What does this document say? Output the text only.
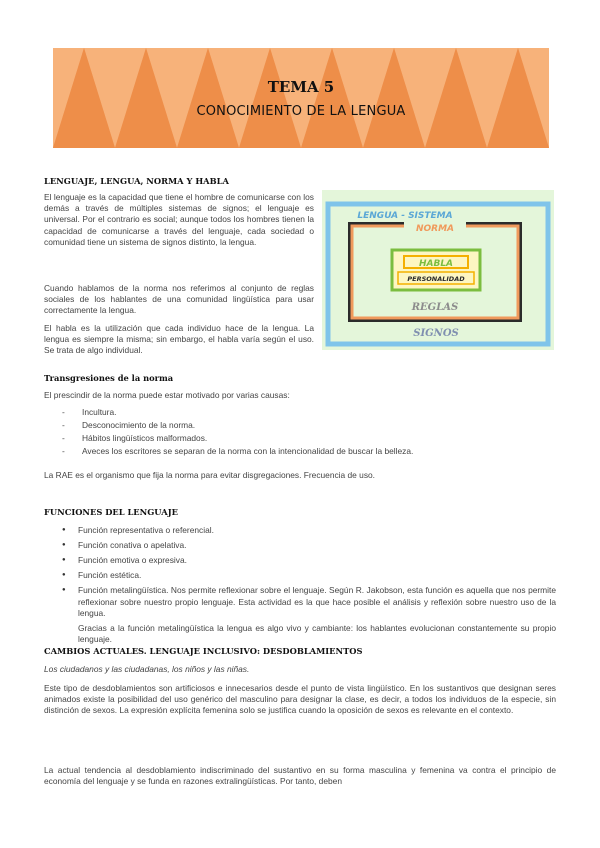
TEMA 5
CONOCIMIENTO DE LA LENGUA
LENGUAJE, LENGUA, NORMA Y HABLA

El lenguaje es la capacidad que tiene el hombre de comunicarse con los demás a través de múltiples sistemas de signos; el lenguaje es universal. Por el contrario es social; aunque todos los hombres tienen la capacidad de comunicarse a través del lenguaje, cada sociedad o comunidad tiene un sistema de signos distinto, la lengua.

Cuando hablamos de la norma nos referimos al conjunto de reglas sociales de los hablantes de una comunidad lingüística para usar correctamente la lengua.

El habla es la utilización que cada individuo hace de la lengua. La lengua es siempre la misma; sin embargo, el habla varía según el uso. Se trata de algo individual.

LENGUA - SISTEMA
NORMA
HABLA
PERSONALIDAD
REGLAS
SIGNOS
Transgresiones de la norma

El prescindir de la norma puede estar motivado por varias causas:

- Incultura.
- Desconocimiento de la norma.
- Hábitos lingüísticos malformados.
- Aveces los escritores se separan de la norma con la intencionalidad de buscar la belleza.

La RAE es el organismo que fija la norma para evitar disgregaciones. Frecuencia de uso.

FUNCIONES DEL LENGUAJE
● Función representativa o referencial.
● Función conativa o apelativa.
● Función emotiva o expresiva.
● Función estética.
● Función metalingüística. Nos permite reflexionar sobre el lenguaje. Según R. Jakobson, esta función es aquella que nos permite reflexionar sobre nuestro propio lenguaje. Esta actividad es la que hace posible el análisis y reflexión sobre nuestro uso de la lengua.

Gracias a la función metalingüística la lengua es algo vivo y cambiante: los hablantes evolucionan constantemente su propio lenguaje.

CAMBIOS ACTUALES. LENGUAJE INCLUSIVO: DESDOBLAMIENTOS

Los ciudadanos y las ciudadanas, los niños y las niñas.

Este tipo de desdoblamientos son artificiosos e innecesarios desde el punto de vista lingüístico. En los sustantivos que designan seres animados existe la posibilidad del uso genérico del masculino para designar la clase, es decir, a todos los individuos de la especie, sin distinción de sexos. La expresión explícita femenina solo se justifica cuando la oposición de sexos es relevante en el contexto.

La actual tendencia al desdoblamiento indiscriminado del sustantivo en su forma masculina y femenina va contra el principio de economía del lenguaje y se funda en razones extralingüísticas. Por tanto, deben
